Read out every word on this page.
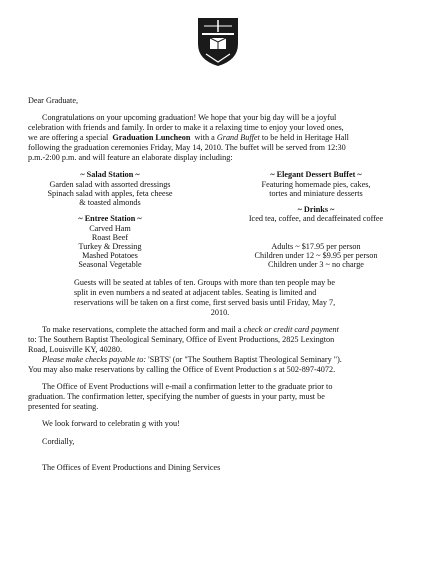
Dear Graduate,
Congratulations on your upcoming graduation! We hope that your big day will be a joyful
celebration with friends and family. In order to make it a relaxing time to enjoy your loved ones,
we are offering a special Graduation Luncheon with a Grand Buffet to be held in Heritage Hall
following the graduation ceremonies Friday, May 14, 2010. The buffet will be served from 12:30
p.m.-2:00 p.m. and will feature an elaborate display including:
~ Salad Station ~
Garden salad with assorted dressings
Spinach salad with apples, feta cheese
& toasted almonds
~ Entree Station ~
Carved Ham
Roast Beef
Turkey & Dressing
Mashed Potatoes
Seasonal Vegetable
~ Elegant Dessert Buffet ~
Featuring homemade pies, cakes,
tortes and miniature desserts
~ Drinks ~
Iced tea, coffee, and decaffeinated coffee
Adults ~ $17.95 per person
Children under 12 ~ $9.95 per person
Children under 3 ~ no charge
Guests will be seated at tables of ten. Groups with more than ten people may be
split in even numbers a nd seated at adjacent tables. Seating is limited and
reservations will be taken on a first come, first served basis until Friday, May 7,
2010.
To make reservations, complete the attached form and mail a check or credit card payment
to: The Southern Baptist Theological Seminary, Office of Event Productions, 2825 Lexington
Road, Louisville KY, 40280.
Please make checks payable to: 'SBTS' (or "The Southern Baptist Theological Seminary ").
You may also make reservations by calling the Office of Event Production s at 502-897-4072.
The Office of Event Productions will e-mail a confirmation letter to the graduate prior to
graduation. The confirmation letter, specifying the number of guests in your party, must be
presented for seating.
We look forward to celebratin g with you!
Cordially,
The Offices of Event Productions and Dining Services
